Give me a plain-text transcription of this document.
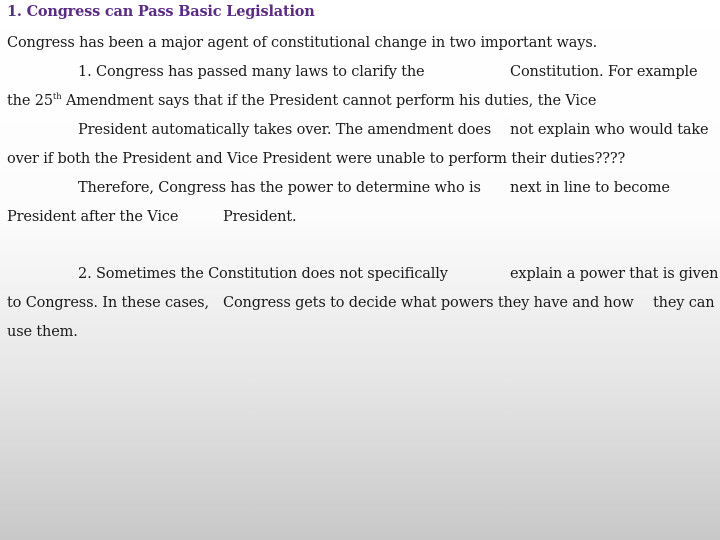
1. Congress can Pass Basic Legislation
Congress has been a major agent of constitutional change in two important ways.
1. Congress has passed many laws to clarify the	Constitution. For example
the 25th Amendment says that if the President cannot perform his duties, the Vice
President automatically takes over. The amendment does not explain who would take
over if both the President and Vice President were unable to perform their duties????
Therefore, Congress has the power to determine who is next in line to become
President after the Vice	President.
2. Sometimes the Constitution does not specifically	explain a power that is given
to Congress. In these cases, Congress gets to decide what powers they have and how they can
use them.
